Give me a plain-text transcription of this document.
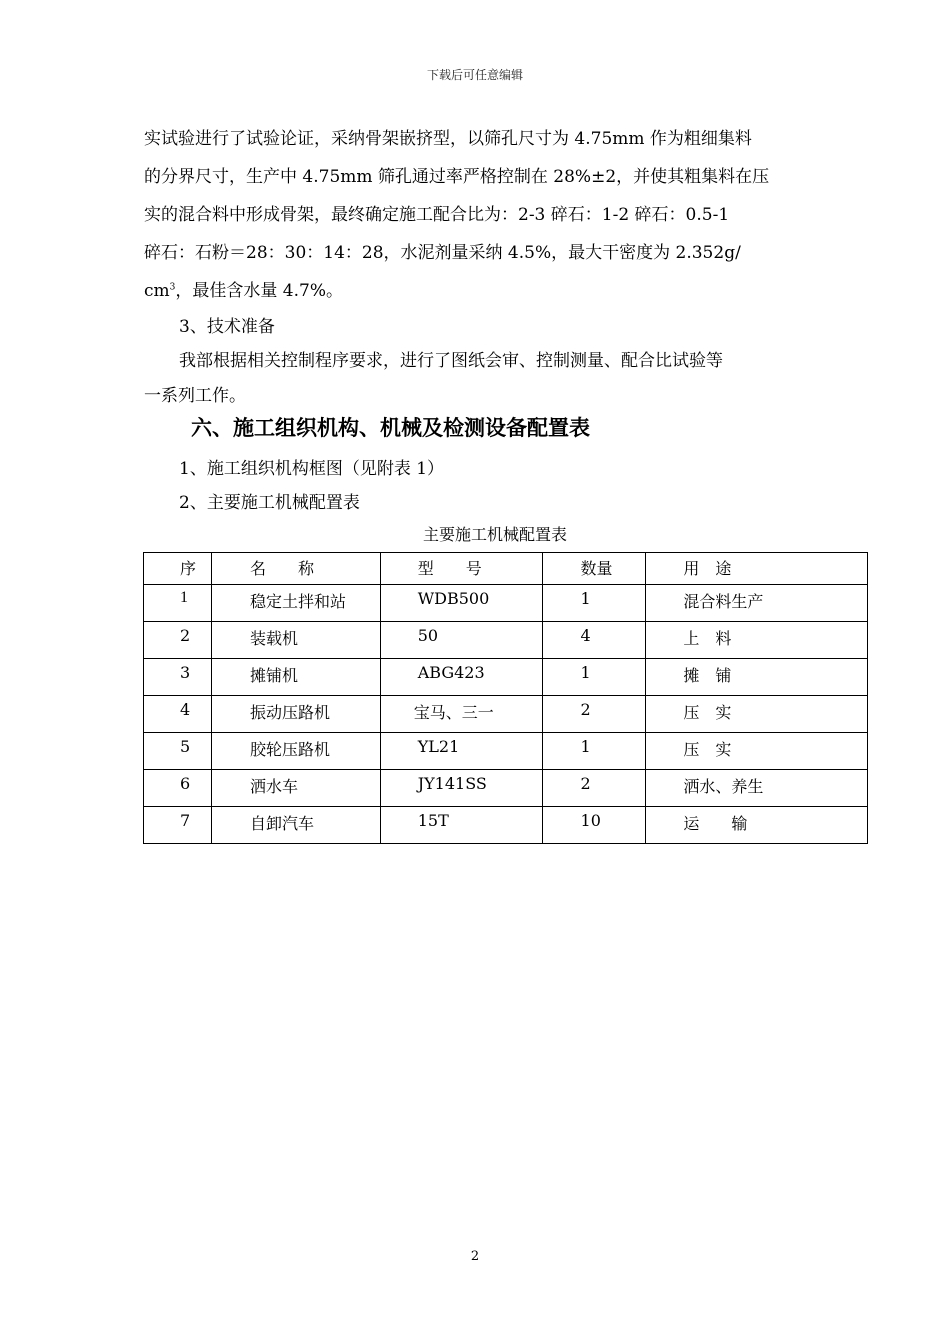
下载后可任意编辑
实试验进行了试验论证，采纳骨架嵌挤型，以筛孔尺寸为 4.75mm 作为粗细集料
的分界尺寸，生产中 4.75mm 筛孔通过率严格控制在 28%±2，并使其粗集料在压
实的混合料中形成骨架，最终确定施工配合比为：2-3 碎石：1-2 碎石：0.5-1
碎石：石粉＝28：30：14：28，水泥剂量采纳 4.5%，最大干密度为 2.352g/
$cm^3$，最佳含水量 4.7%。
3、技术准备
我部根据相关控制程序要求，进行了图纸会审、控制测量、配合比试验等
一系列工作。
六、施工组织机构、机械及检测设备配置表
1、施工组织机构框图（见附表 1）
2、主要施工机械配置表
主要施工机械配置表
序	名　　称	型　　号	数量	用　途
1	稳定土拌和站	WDB500	1	混合料生产
2	装载机	50	4	上　料
3	摊铺机	ABG423	1	摊　铺
4	振动压路机	宝马、三一	2	压　实
5	胶轮压路机	YL21	1	压　实
6	洒水车	JY141SS	2	洒水、养生
7	自卸汽车	15T	10	运　　输
2
